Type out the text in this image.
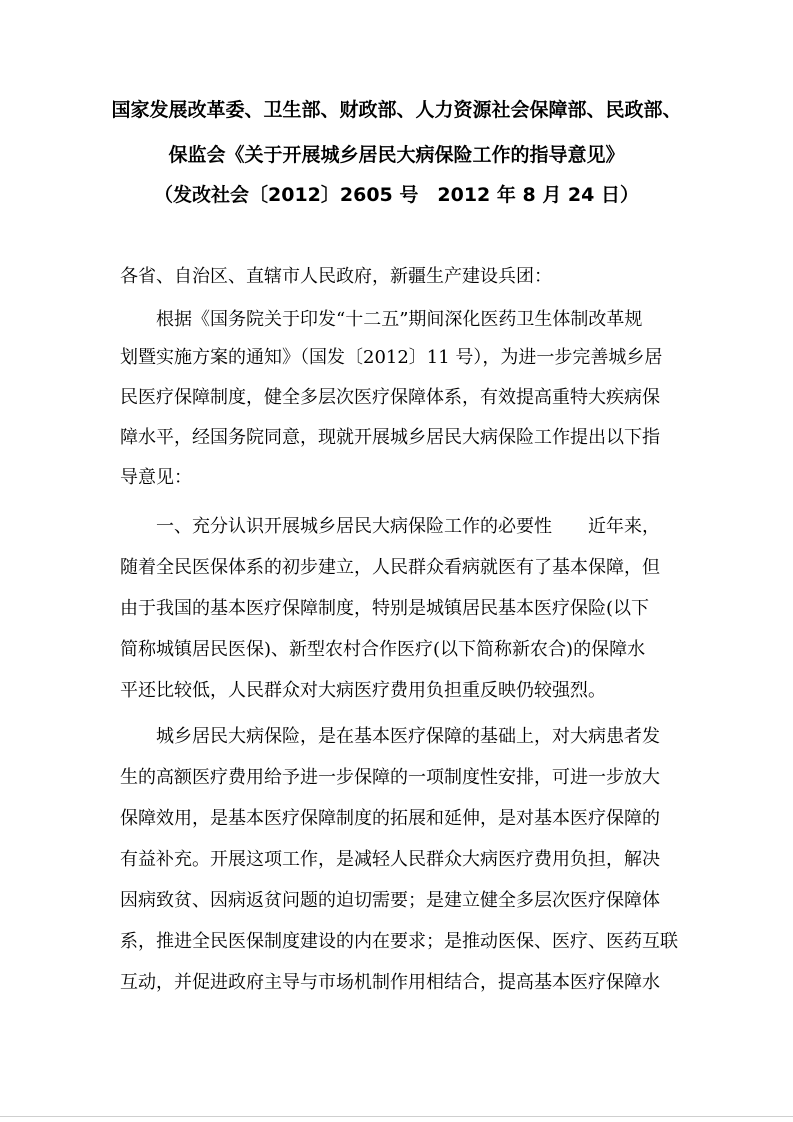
国家发展改革委、卫生部、财政部、人力资源社会保障部、民政部、
保监会《关于开展城乡居民大病保险工作的指导意见》
（发改社会〔2012〕2605 号　2012 年 8 月 24 日）
各省、自治区、直辖市人民政府，新疆生产建设兵团：
　　根据《国务院关于印发“十二五”期间深化医药卫生体制改革规
划暨实施方案的通知》（国发〔2012〕11 号），为进一步完善城乡居
民医疗保障制度，健全多层次医疗保障体系，有效提高重特大疾病保
障水平，经国务院同意，现就开展城乡居民大病保险工作提出以下指
导意见：
　　一、充分认识开展城乡居民大病保险工作的必要性　　近年来，
随着全民医保体系的初步建立，人民群众看病就医有了基本保障，但
由于我国的基本医疗保障制度，特别是城镇居民基本医疗保险(以下
简称城镇居民医保)、新型农村合作医疗(以下简称新农合)的保障水
平还比较低，人民群众对大病医疗费用负担重反映仍较强烈。
　　城乡居民大病保险，是在基本医疗保障的基础上，对大病患者发
生的高额医疗费用给予进一步保障的一项制度性安排，可进一步放大
保障效用，是基本医疗保障制度的拓展和延伸，是对基本医疗保障的
有益补充。开展这项工作，是减轻人民群众大病医疗费用负担，解决
因病致贫、因病返贫问题的迫切需要；是建立健全多层次医疗保障体
系，推进全民医保制度建设的内在要求；是推动医保、医疗、医药互联
互动，并促进政府主导与市场机制作用相结合，提高基本医疗保障水
